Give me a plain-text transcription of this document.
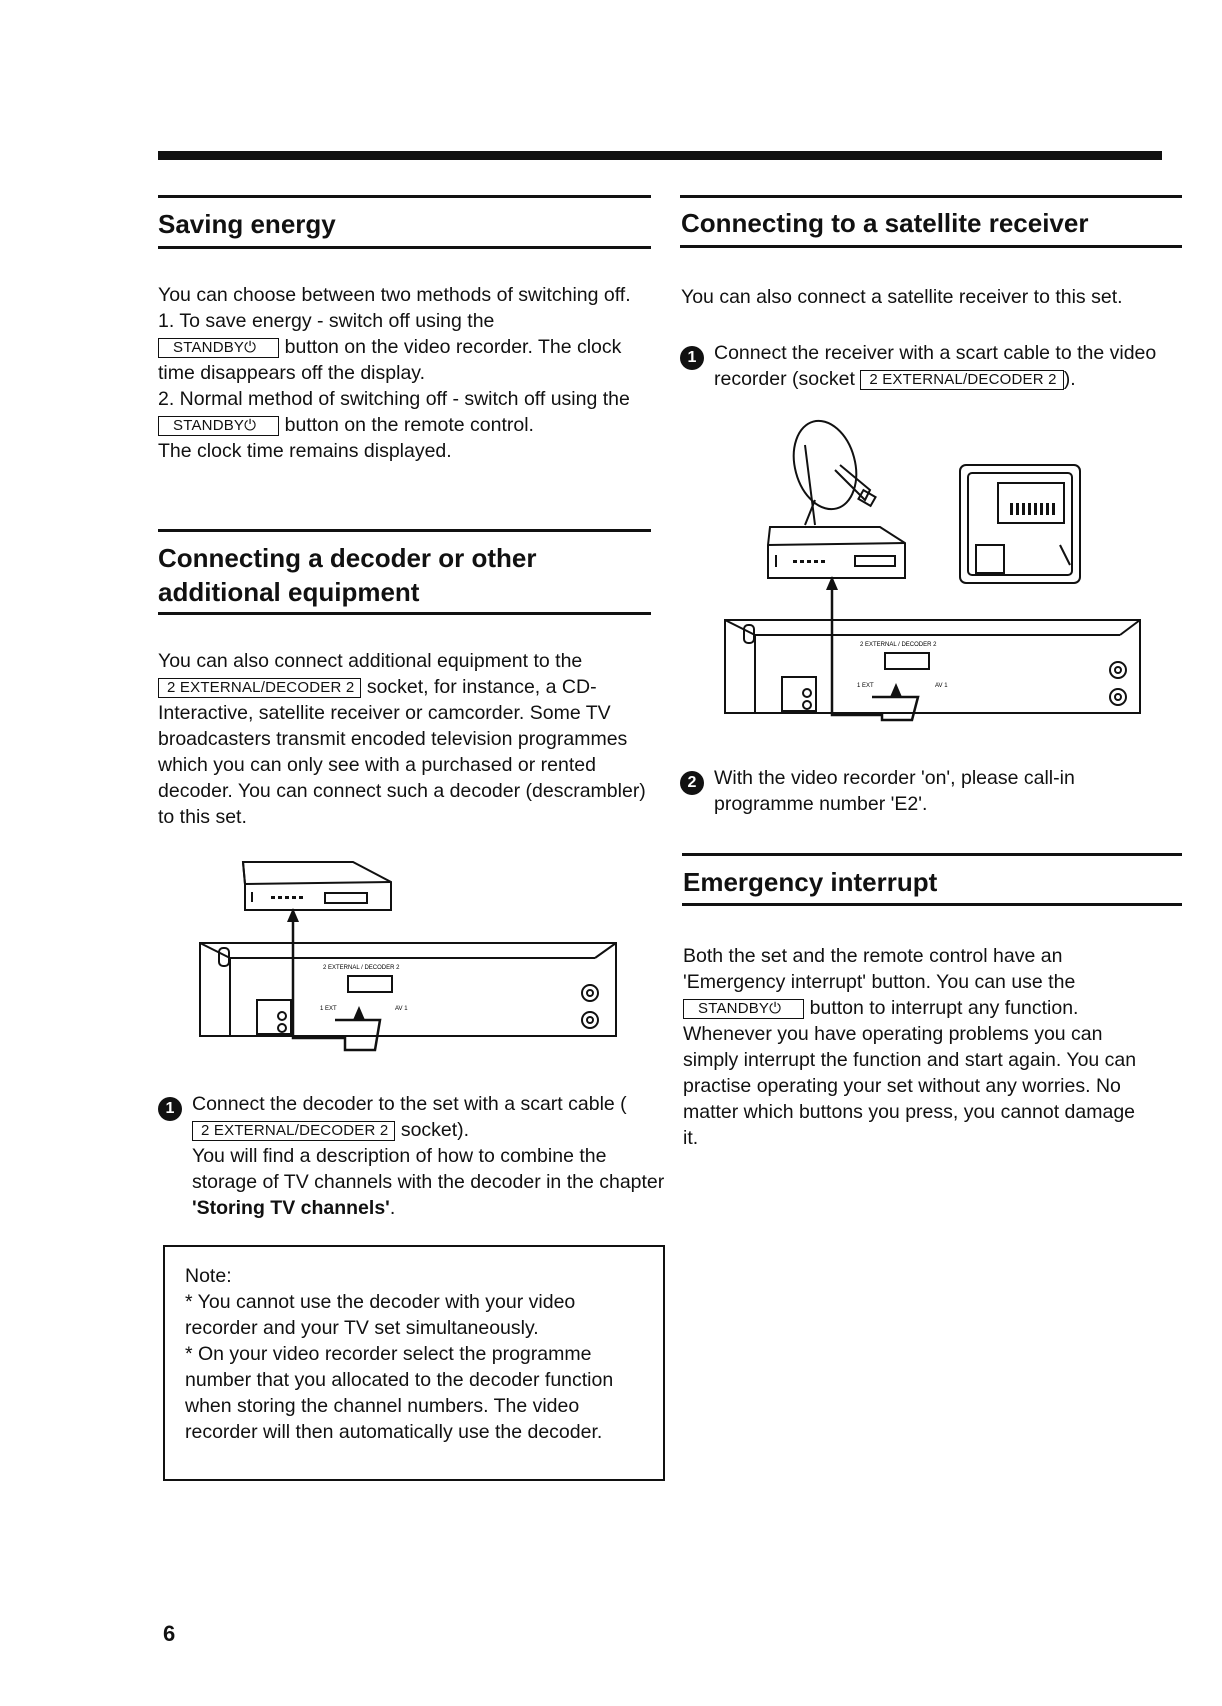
Saving energy

You can choose between two methods of switching off.

1. To save energy - switch off using the
STANDBY⏻ button on the video recorder. The clock time disappears off the display.

2. Normal method of switching off - switch off using the STANDBY⏻ button on the remote control.

The clock time remains displayed.

Connecting a decoder or other
additional equipment

You can also connect additional equipment to the
2 EXTERNAL/DECODER 2 socket, for instance, a CD-Interactive, satellite receiver or camcorder. Some TV broadcasters transmit encoded television programmes which you can only see with a purchased or rented decoder. You can connect such a decoder (descrambler) to this set.

2 EXTERNAL / DECODER 2
1 EXT	AV 1
1 Connect the decoder to the set with a scart cable (
2 EXTERNAL/DECODER 2 socket).
You will find a description of how to combine the storage of TV channels with the decoder in the chapter 'Storing TV channels'.

Note:

* You cannot use the decoder with your video recorder and your TV set simultaneously.

* On your video recorder select the programme number that you allocated to the decoder function when storing the channel numbers. The video recorder will then automatically use the decoder.

6
Connecting to a satellite receiver
You can also connect a satellite receiver to this set.
1 Connect the receiver with a scart cable to the video recorder (socket 2 EXTERNAL/DECODER 2 ).
2 EXTERNAL / DECODER 2
1 EXT	AV 1
2 With the video recorder 'on', please call-in programme number 'E2'.
Emergency interrupt

Both the set and the remote control have an 'Emergency interrupt' button. You can use the STANDBY⏻ button to interrupt any function. Whenever you have operating problems you can simply interrupt the function and start again. You can practise operating your set without any worries. No matter which buttons you press, you cannot damage it.
